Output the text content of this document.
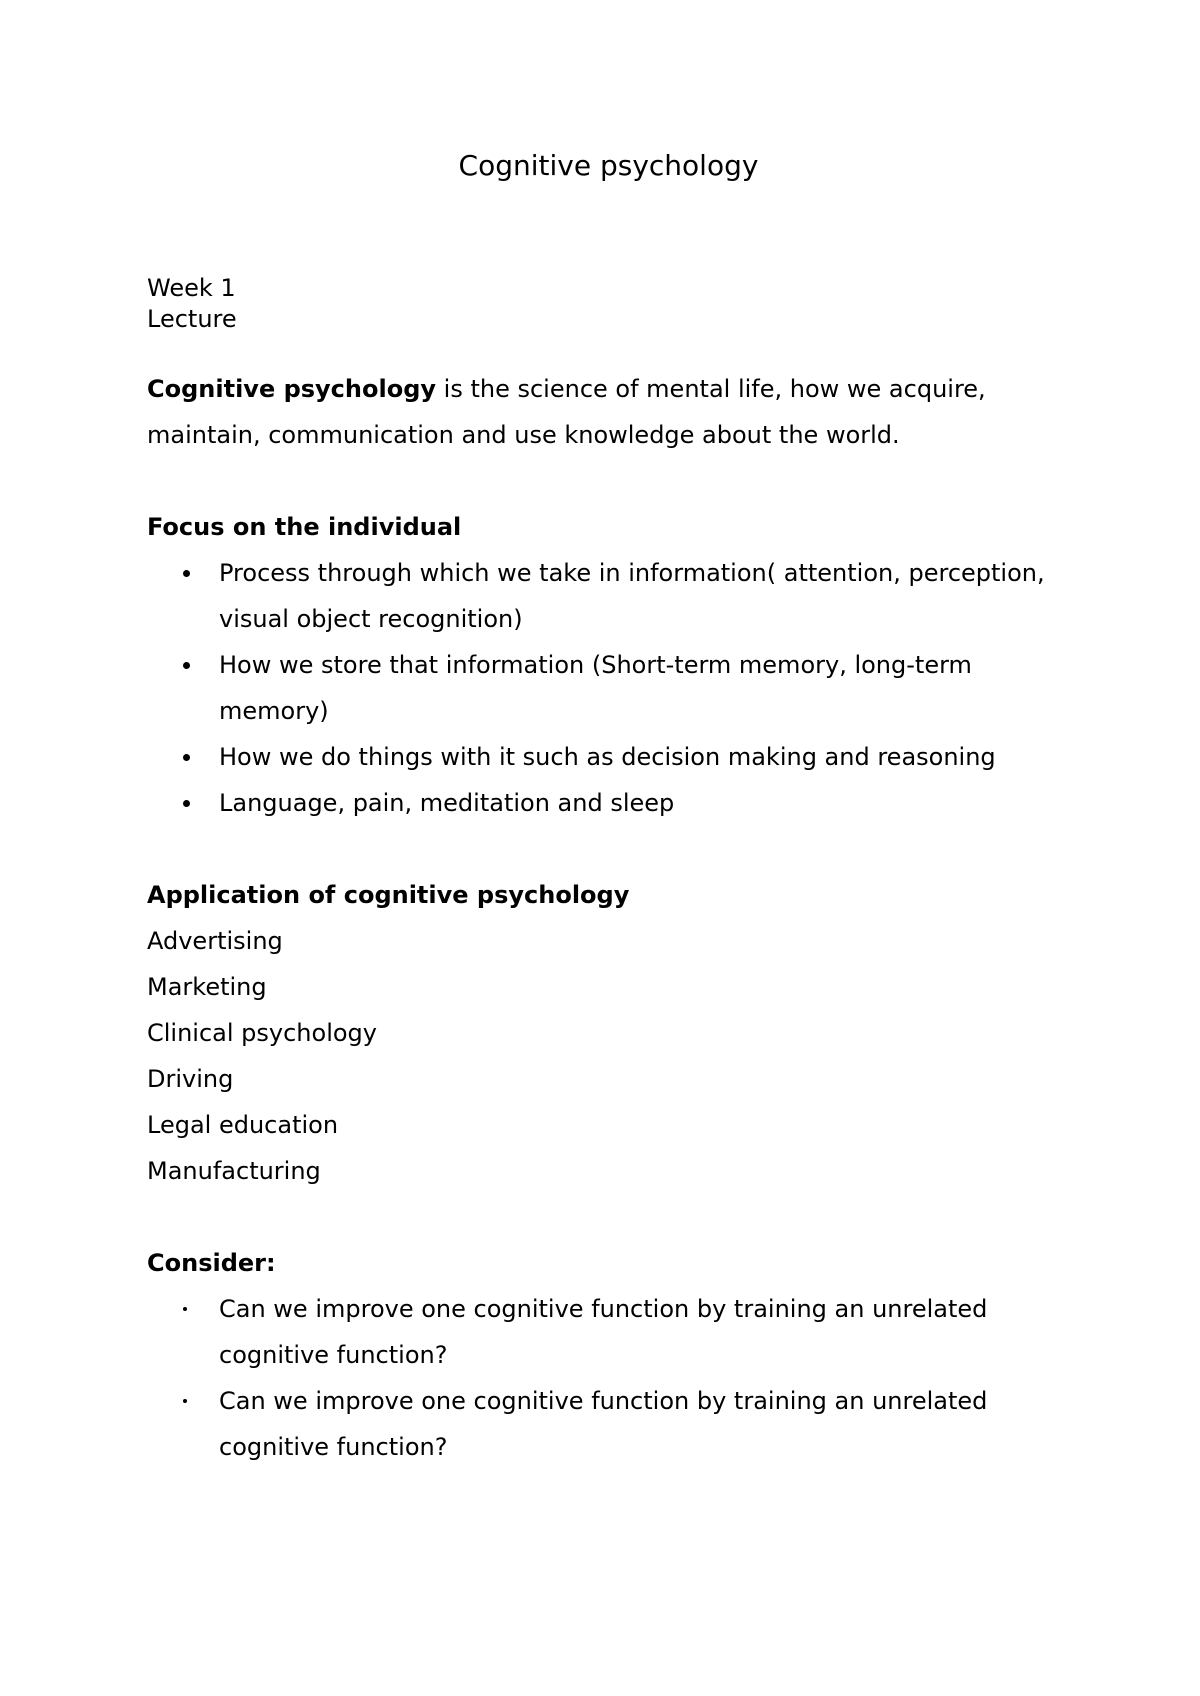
Cognitive psychology
Week 1
Lecture

Cognitive psychology is the science of mental life, how we acquire, maintain, communication and use knowledge about the world.

Focus on the individual

Process through which we take in information( attention, perception, visual object recognition)
How we store that information (Short-term memory, long-term memory)
How we do things with it such as decision making and reasoning
Language, pain, meditation and sleep

Application of cognitive psychology

Advertising
Marketing
Clinical psychology
Driving
Legal education
Manufacturing

Consider:

Can we improve one cognitive function by training an unrelated cognitive function?
Can we improve one cognitive function by training an unrelated cognitive function?
